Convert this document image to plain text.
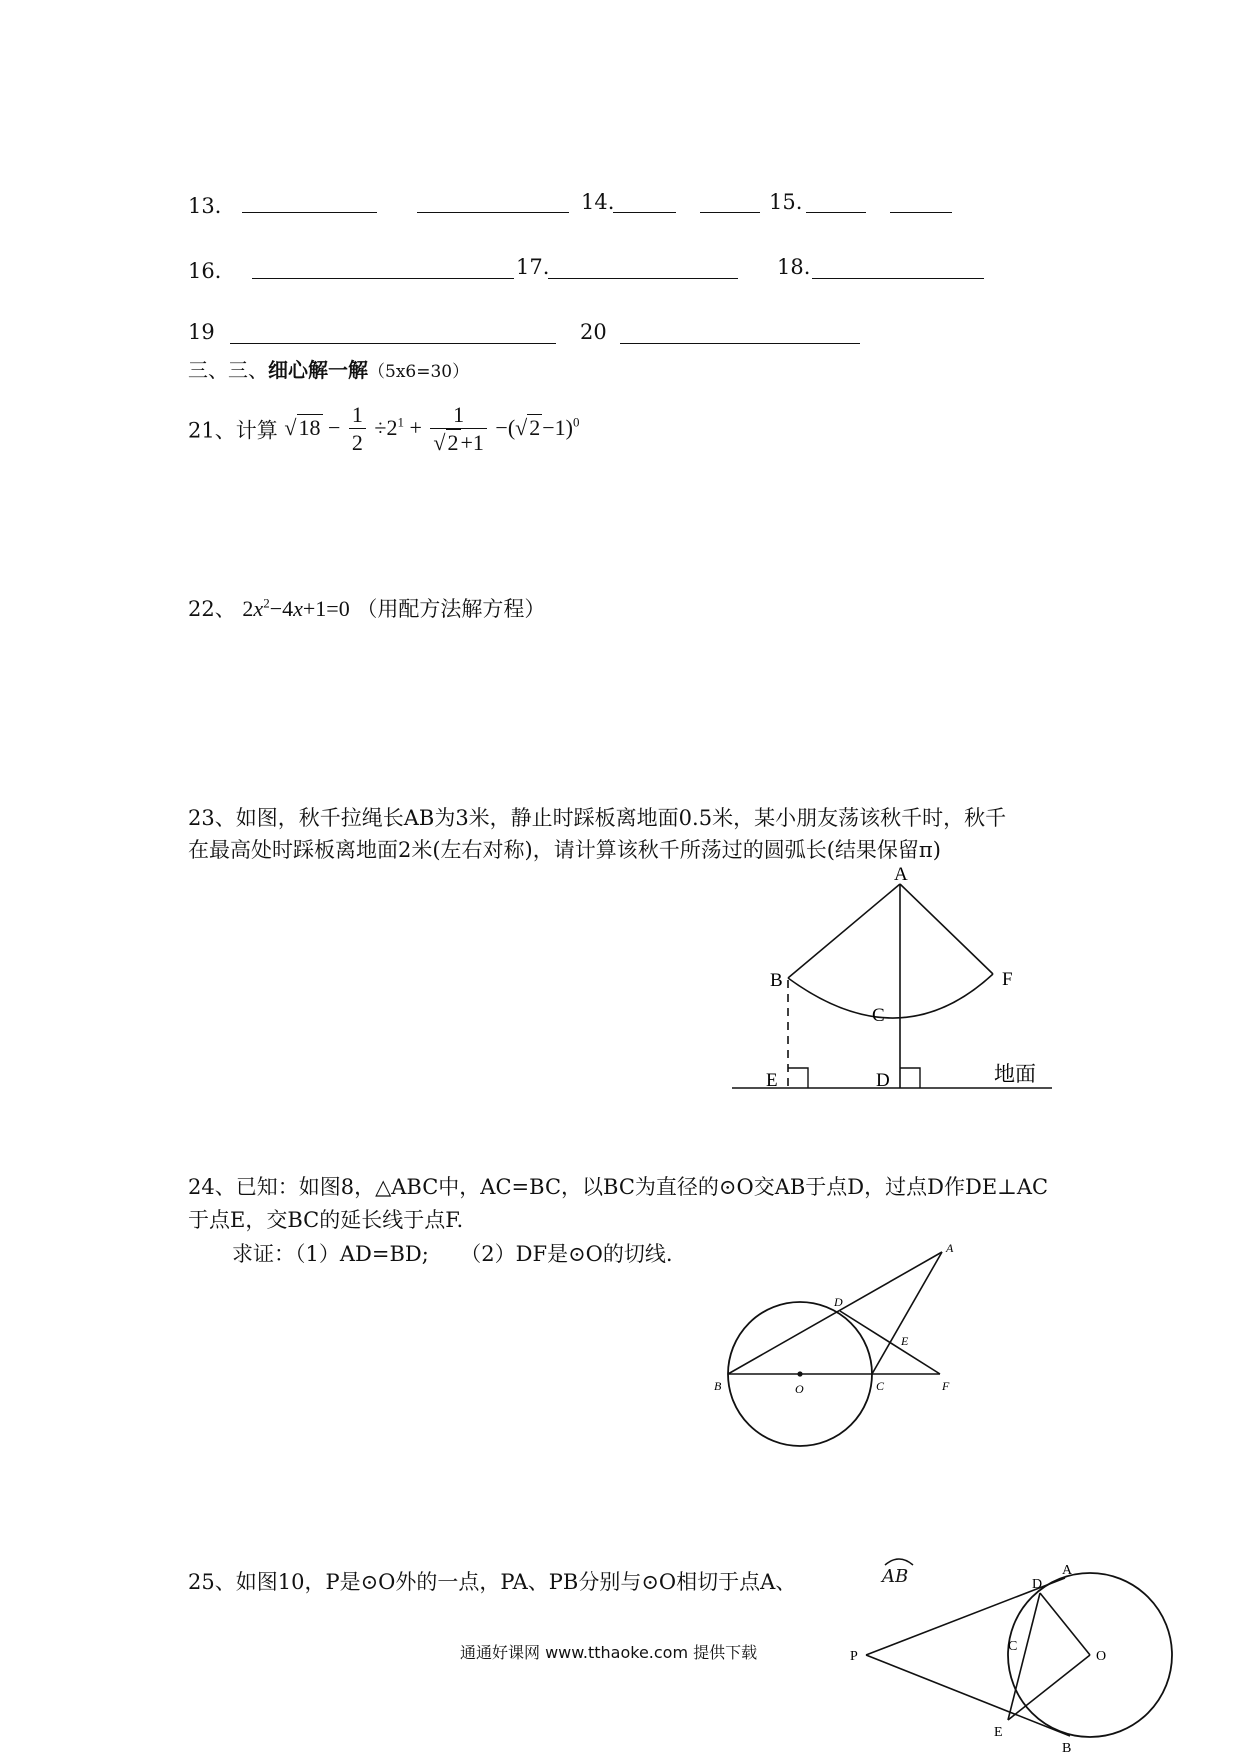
13．	14.	15.
16．	17.	18.
19	20
三、三、细心解一解（5x6=30）
21、计算 $√18 - \frac{1}{2} \div 2^1 + \frac{1}{√2+1} -(√2-1)^0$
22、 $2x^2-4x+1=0$ （用配方法解方程）
23、如图，秋千拉绳长AB为3米，静止时踩板离地面0.5米，某小朋友荡该秋千时，秋千
在最高处时踩板离地面2米(左右对称)，请计算该秋千所荡过的圆弧长(结果保留π)
A
B	F
C
E	D	地面
24、已知：如图8，△ABC中，AC=BC，以BC为直径的⊙O交AB于点D，过点D作DE⊥AC
于点E，交BC的延长线于点F.
求证：（1）AD=BD;　　（2）DF是⊙O的切线.	A
B	O	C	F
D
E
25、如图10，P是⊙O外的一点，PA、PB分别与⊙O相切于点A、	AB
通通好课网 www.tthaoke.com 提供下载	P
A
D
C
E
O
B
